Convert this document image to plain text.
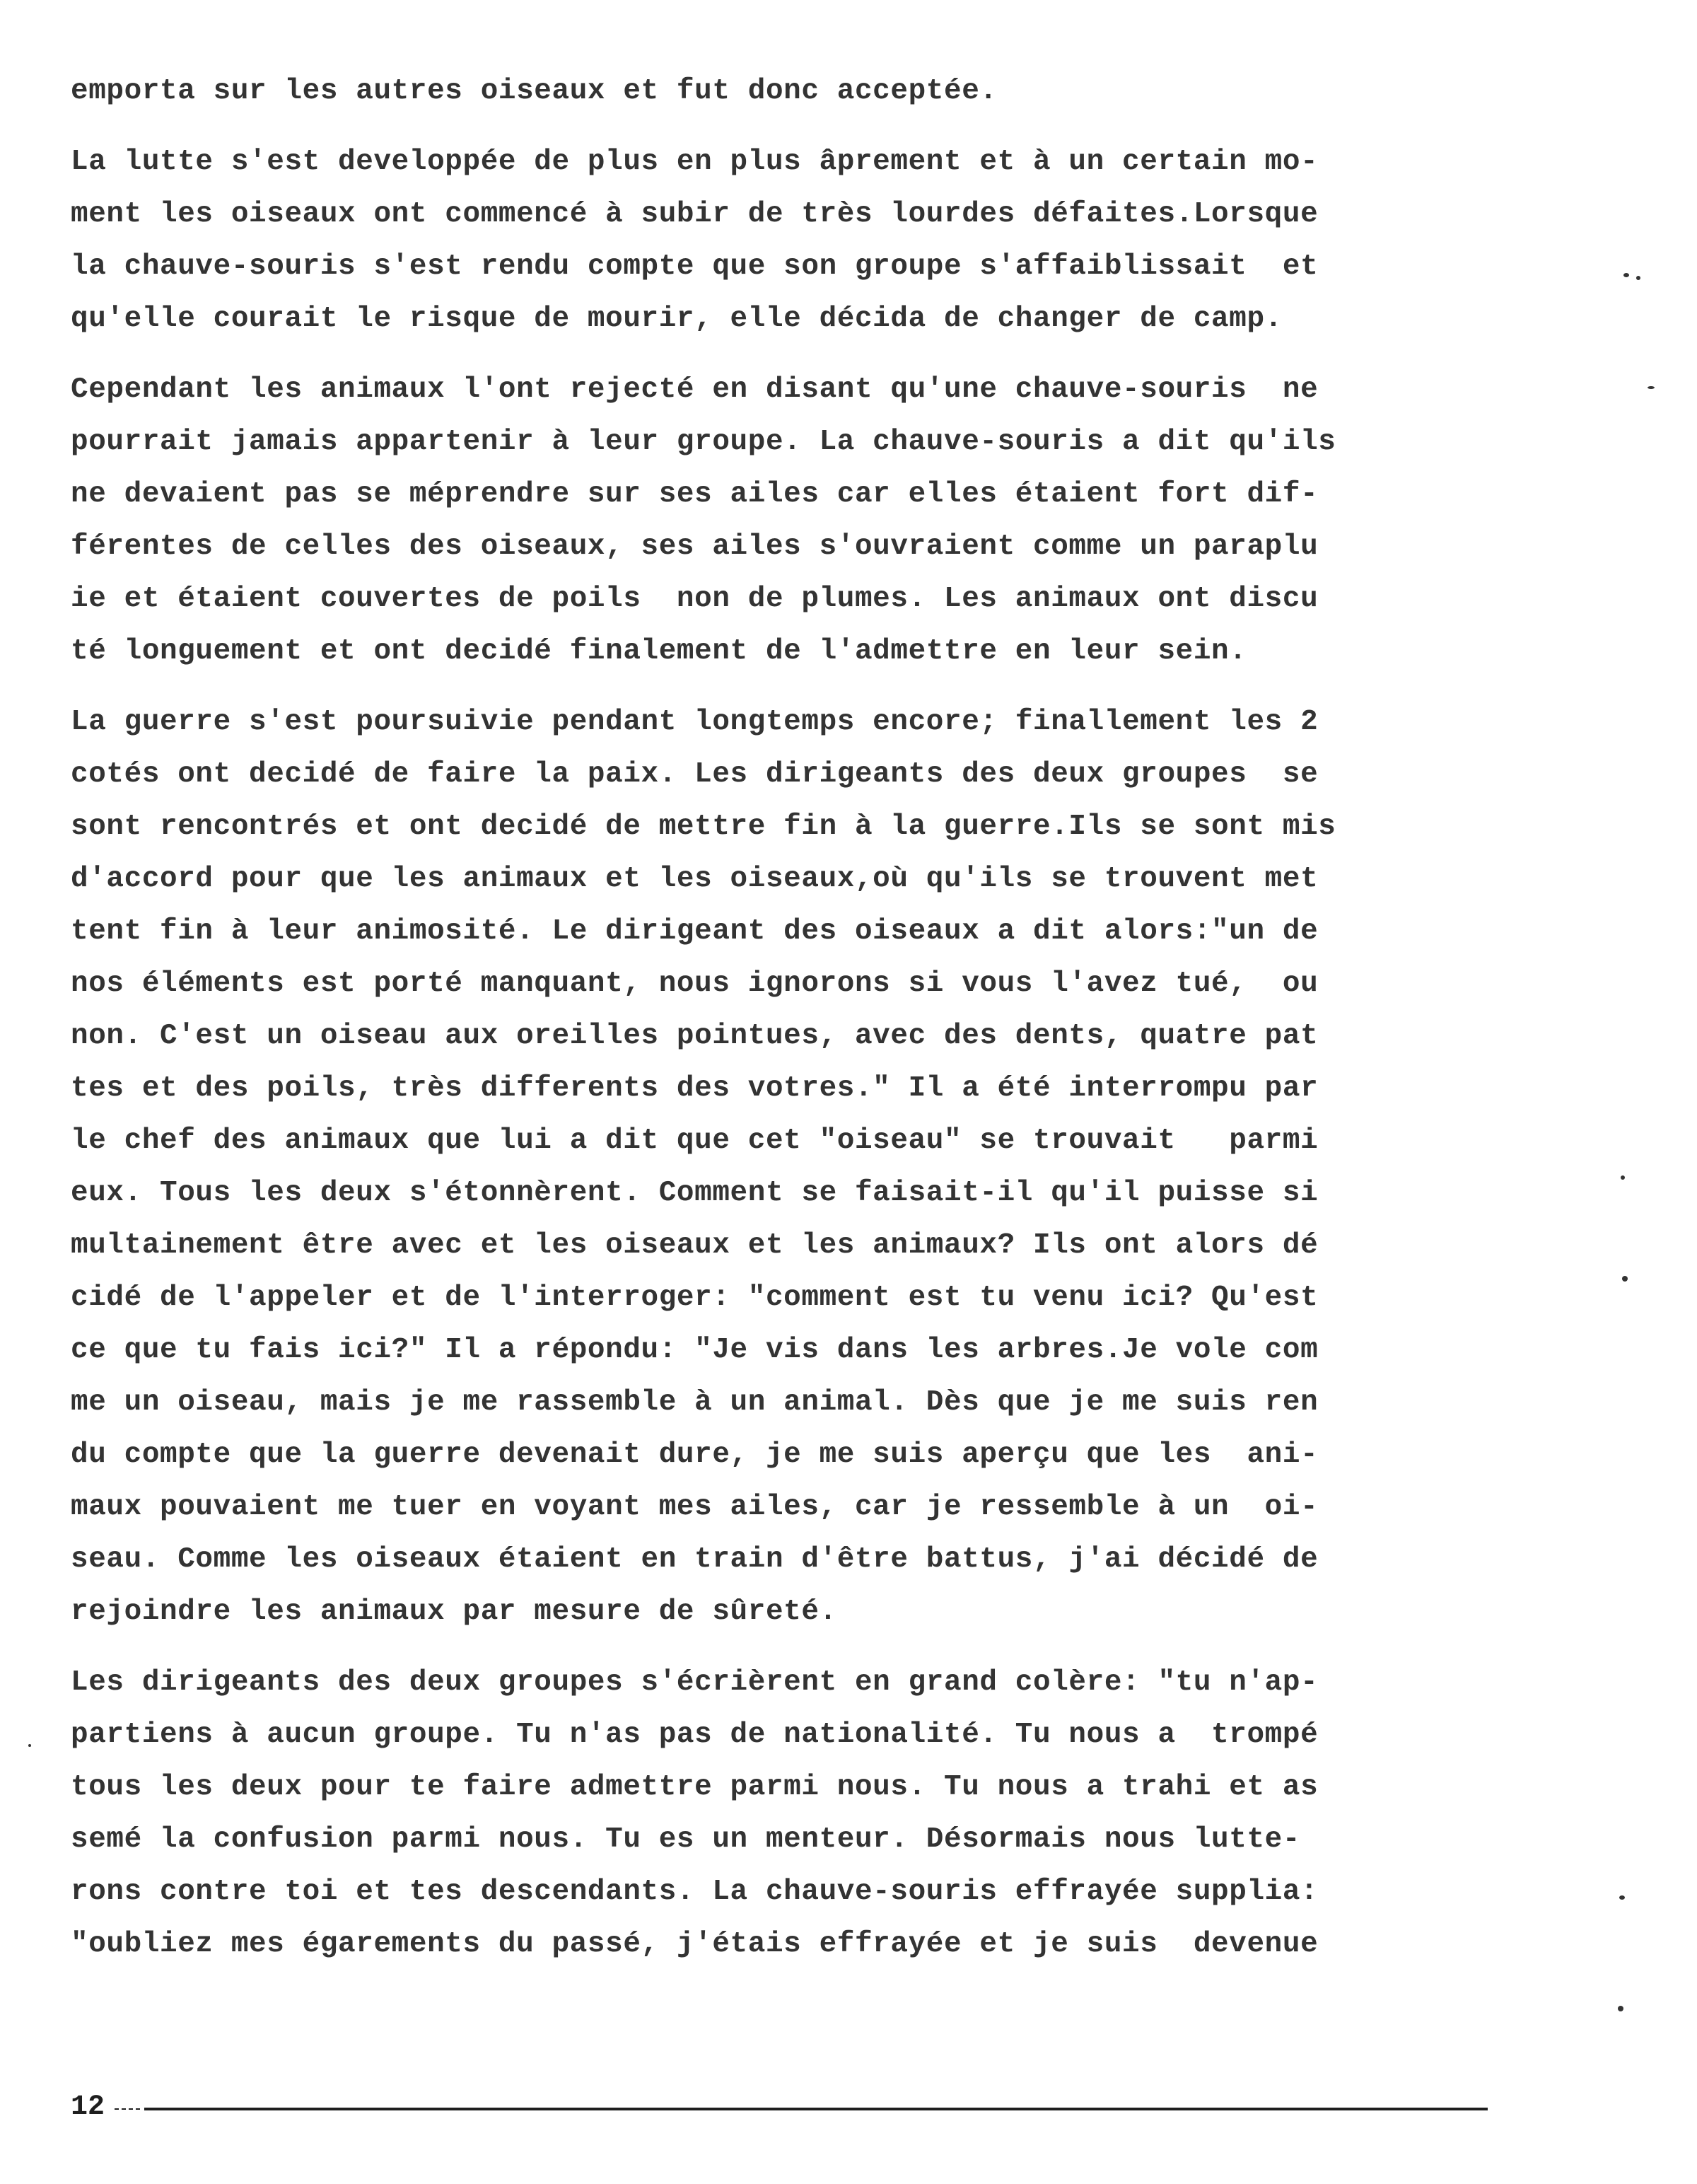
emporta sur les autres oiseaux et fut donc acceptée.

La lutte s'est developpée de plus en plus âprement et à un certain mo-
ment les oiseaux ont commencé à subir de très lourdes défaites.Lorsque
la chauve-souris s'est rendu compte que son groupe s'affaiblissait  et
qu'elle courait le risque de mourir, elle décida de changer de camp.

Cependant les animaux l'ont rejecté en disant qu'une chauve-souris  ne
pourrait jamais appartenir à leur groupe. La chauve-souris a dit qu'ils
ne devaient pas se méprendre sur ses ailes car elles étaient fort dif-
férentes de celles des oiseaux, ses ailes s'ouvraient comme un paraplu
ie et étaient couvertes de poils  non de plumes. Les animaux ont discu
té longuement et ont decidé finalement de l'admettre en leur sein.

La guerre s'est poursuivie pendant longtemps encore; finallement les 2
cotés ont decidé de faire la paix. Les dirigeants des deux groupes  se
sont rencontrés et ont decidé de mettre fin à la guerre.Ils se sont mis
d'accord pour que les animaux et les oiseaux,où qu'ils se trouvent met
tent fin à leur animosité. Le dirigeant des oiseaux a dit alors:"un de
nos éléments est porté manquant, nous ignorons si vous l'avez tué,  ou
non. C'est un oiseau aux oreilles pointues, avec des dents, quatre pat
tes et des poils, très differents des votres." Il a été interrompu par
le chef des animaux que lui a dit que cet "oiseau" se trouvait   parmi
eux. Tous les deux s'étonnèrent. Comment se faisait-il qu'il puisse si
multainement être avec et les oiseaux et les animaux? Ils ont alors dé
cidé de l'appeler et de l'interroger: "comment est tu venu ici? Qu'est
ce que tu fais ici?" Il a répondu: "Je vis dans les arbres.Je vole com
me un oiseau, mais je me rassemble à un animal. Dès que je me suis ren
du compte que la guerre devenait dure, je me suis aperçu que les  ani-
maux pouvaient me tuer en voyant mes ailes, car je ressemble à un  oi-
seau. Comme les oiseaux étaient en train d'être battus, j'ai décidé de
rejoindre les animaux par mesure de sûreté.

Les dirigeants des deux groupes s'écrièrent en grand colère: "tu n'ap-
partiens à aucun groupe. Tu n'as pas de nationalité. Tu nous a  trompé
tous les deux pour te faire admettre parmi nous. Tu nous a trahi et as
semé la confusion parmi nous. Tu es un menteur. Désormais nous lutte-
rons contre toi et tes descendants. La chauve-souris effrayée supplia:
"oubliez mes égarements du passé, j'étais effrayée et je suis  devenue

12
